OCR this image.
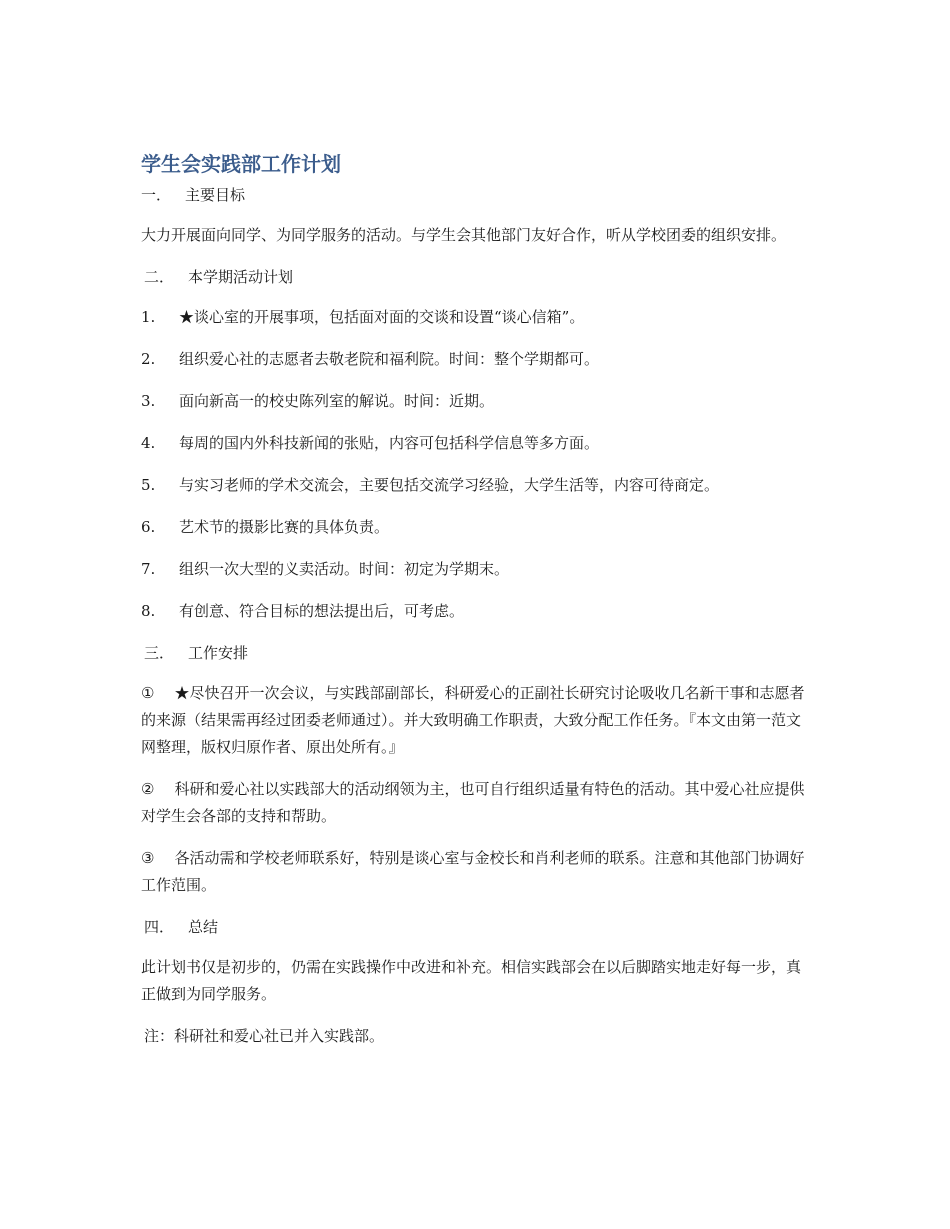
学生会实践部工作计划
一． 主要目标

大力开展面向同学、为同学服务的活动。与学生会其他部门友好合作，听从学校团委的组织安排。

二． 本学期活动计划
1.	★谈心室的开展事项，包括面对面的交谈和设置“谈心信箱”。
2.	组织爱心社的志愿者去敬老院和福利院。时间：整个学期都可。
3.	面向新高一的校史陈列室的解说。时间：近期。
4.	每周的国内外科技新闻的张贴，内容可包括科学信息等多方面。
5.	与实习老师的学术交流会，主要包括交流学习经验，大学生活等，内容可待商定。
6.	艺术节的摄影比赛的具体负责。
7.	组织一次大型的义卖活动。时间：初定为学期末。
8.	有创意、符合目标的想法提出后，可考虑。
三． 工作安排

① ★尽快召开一次会议，与实践部副部长，科研爱心的正副社长研究讨论吸收几名新干事和志愿者的来源（结果需再经过团委老师通过）。并大致明确工作职责，大致分配工作任务。『本文由第一范文网整理，版权归原作者、原出处所有。』

② 科研和爱心社以实践部大的活动纲领为主，也可自行组织适量有特色的活动。其中爱心社应提供对学生会各部的支持和帮助。

③ 各活动需和学校老师联系好，特别是谈心室与金校长和肖利老师的联系。注意和其他部门协调好工作范围。

四． 总结

此计划书仅是初步的，仍需在实践操作中改进和补充。相信实践部会在以后脚踏实地走好每一步，真正做到为同学服务。

注：科研社和爱心社已并入实践部。
